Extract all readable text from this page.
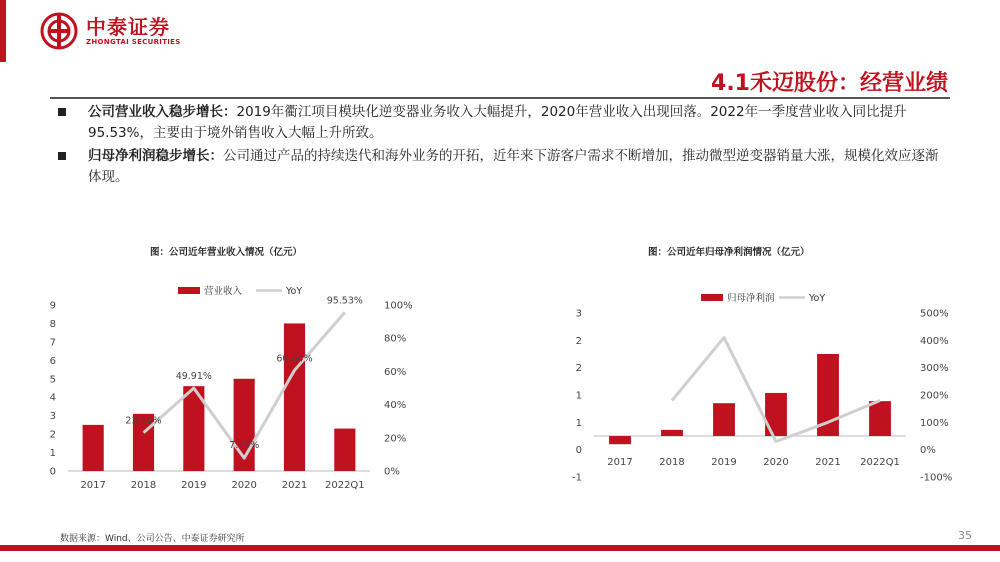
中泰证券
ZHONGTAI SECURITIES
4.1禾迈股份：经营业绩
公司营业收入稳步增长：2019年衢江项目模块化逆变器业务收入大幅提升，2020年营业收入出现回落。2022年一季度营业收入同比提升95.53%，主要由于境外销售收入大幅上升所致。
归母净利润稳步增长：公司通过产品的持续迭代和海外业务的开拓，近年来下游客户需求不断增加，推动微型逆变器销量大涨，规模化效应逐渐体现。
图：公司近年营业收入情况（亿元）	图：公司近年归母净利润情况（亿元）
营业收入	YoY
0
1
2
3
4
5
6
7
8
9
0%
20%
40%
60%
80%
100%
2017 2018 2019 2020 2021 2022Q1
23.10%
49.91%
7.76%
60.64%
95.53%	归母净利润	YoY
-1
0
1
1
2
2
3
-100%
0%
100%
200%
300%
400%
500%
2017	2018	2019	2020	2021 2022Q1
数据来源：Wind、公司公告、中泰证券研究所	35
